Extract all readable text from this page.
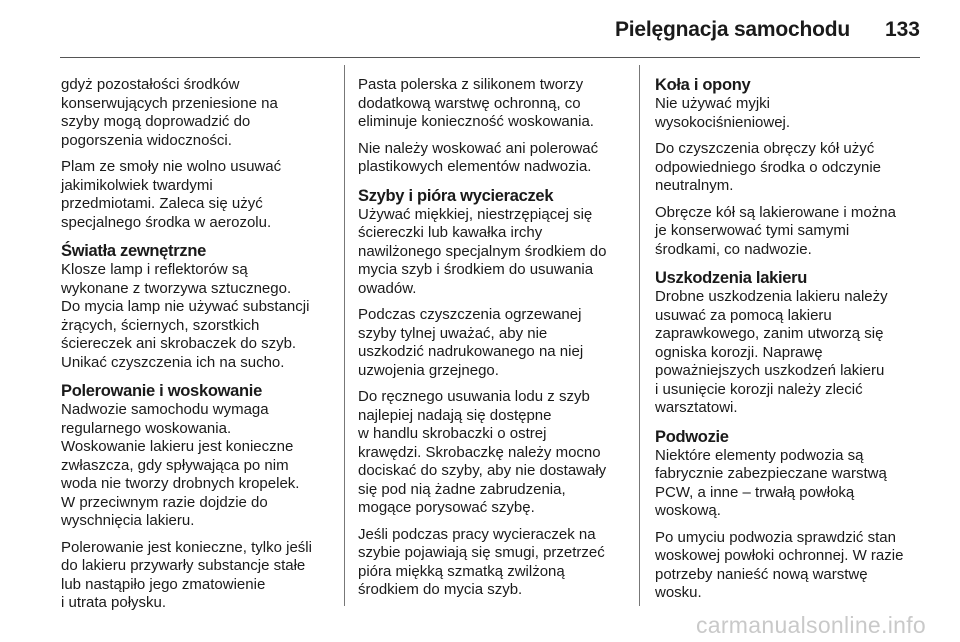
Pielęgnacja samochodu 133

gdyż pozostałości środków
konserwujących przeniesione na
szyby mogą doprowadzić do
pogorszenia widoczności.

Plam ze smoły nie wolno usuwać
jakimikolwiek twardymi
przedmiotami. Zaleca się użyć
specjalnego środka w aerozolu.

Światła zewnętrzne

Klosze lamp i reflektorów są
wykonane z tworzywa sztucznego.
Do mycia lamp nie używać substancji
żrących, ściernych, szorstkich
ściereczek ani skrobaczek do szyb.
Unikać czyszczenia ich na sucho.

Polerowanie i woskowanie

Nadwozie samochodu wymaga
regularnego woskowania.
Woskowanie lakieru jest konieczne
zwłaszcza, gdy spływająca po nim
woda nie tworzy drobnych kropelek.
W przeciwnym razie dojdzie do
wyschnięcia lakieru.

Polerowanie jest konieczne, tylko jeśli
do lakieru przywarły substancje stałe
lub nastąpiło jego zmatowienie
i utrata połysku.

Pasta polerska z silikonem tworzy
dodatkową warstwę ochronną, co
eliminuje konieczność woskowania.

Nie należy woskować ani polerować
plastikowych elementów nadwozia.

Szyby i pióra wycieraczek

Używać miękkiej, niestrzępiącej się
ściereczki lub kawałka irchy
nawilżonego specjalnym środkiem do
mycia szyb i środkiem do usuwania
owadów.

Podczas czyszczenia ogrzewanej
szyby tylnej uważać, aby nie
uszkodzić nadrukowanego na niej
uzwojenia grzejnego.

Do ręcznego usuwania lodu z szyb
najlepiej nadają się dostępne
w handlu skrobaczki o ostrej
krawędzi. Skrobaczkę należy mocno
dociskać do szyby, aby nie dostawały
się pod nią żadne zabrudzenia,
mogące porysować szybę.

Jeśli podczas pracy wycieraczek na
szybie pojawiają się smugi, przetrzeć
pióra miękką szmatką zwilżoną
środkiem do mycia szyb.

Koła i opony

Nie używać myjki
wysokociśnieniowej.

Do czyszczenia obręczy kół użyć
odpowiedniego środka o odczynie
neutralnym.

Obręcze kół są lakierowane i można
je konserwować tymi samymi
środkami, co nadwozie.

Uszkodzenia lakieru

Drobne uszkodzenia lakieru należy
usuwać za pomocą lakieru
zaprawkowego, zanim utworzą się
ogniska korozji. Naprawę
poważniejszych uszkodzeń lakieru
i usunięcie korozji należy zlecić
warsztatowi.

Podwozie

Niektóre elementy podwozia są
fabrycznie zabezpieczane warstwą
PCW, a inne – trwałą powłoką
woskową.

Po umyciu podwozia sprawdzić stan
woskowej powłoki ochronnej. W razie
potrzeby nanieść nową warstwę
wosku.

carmanualsonline.info
